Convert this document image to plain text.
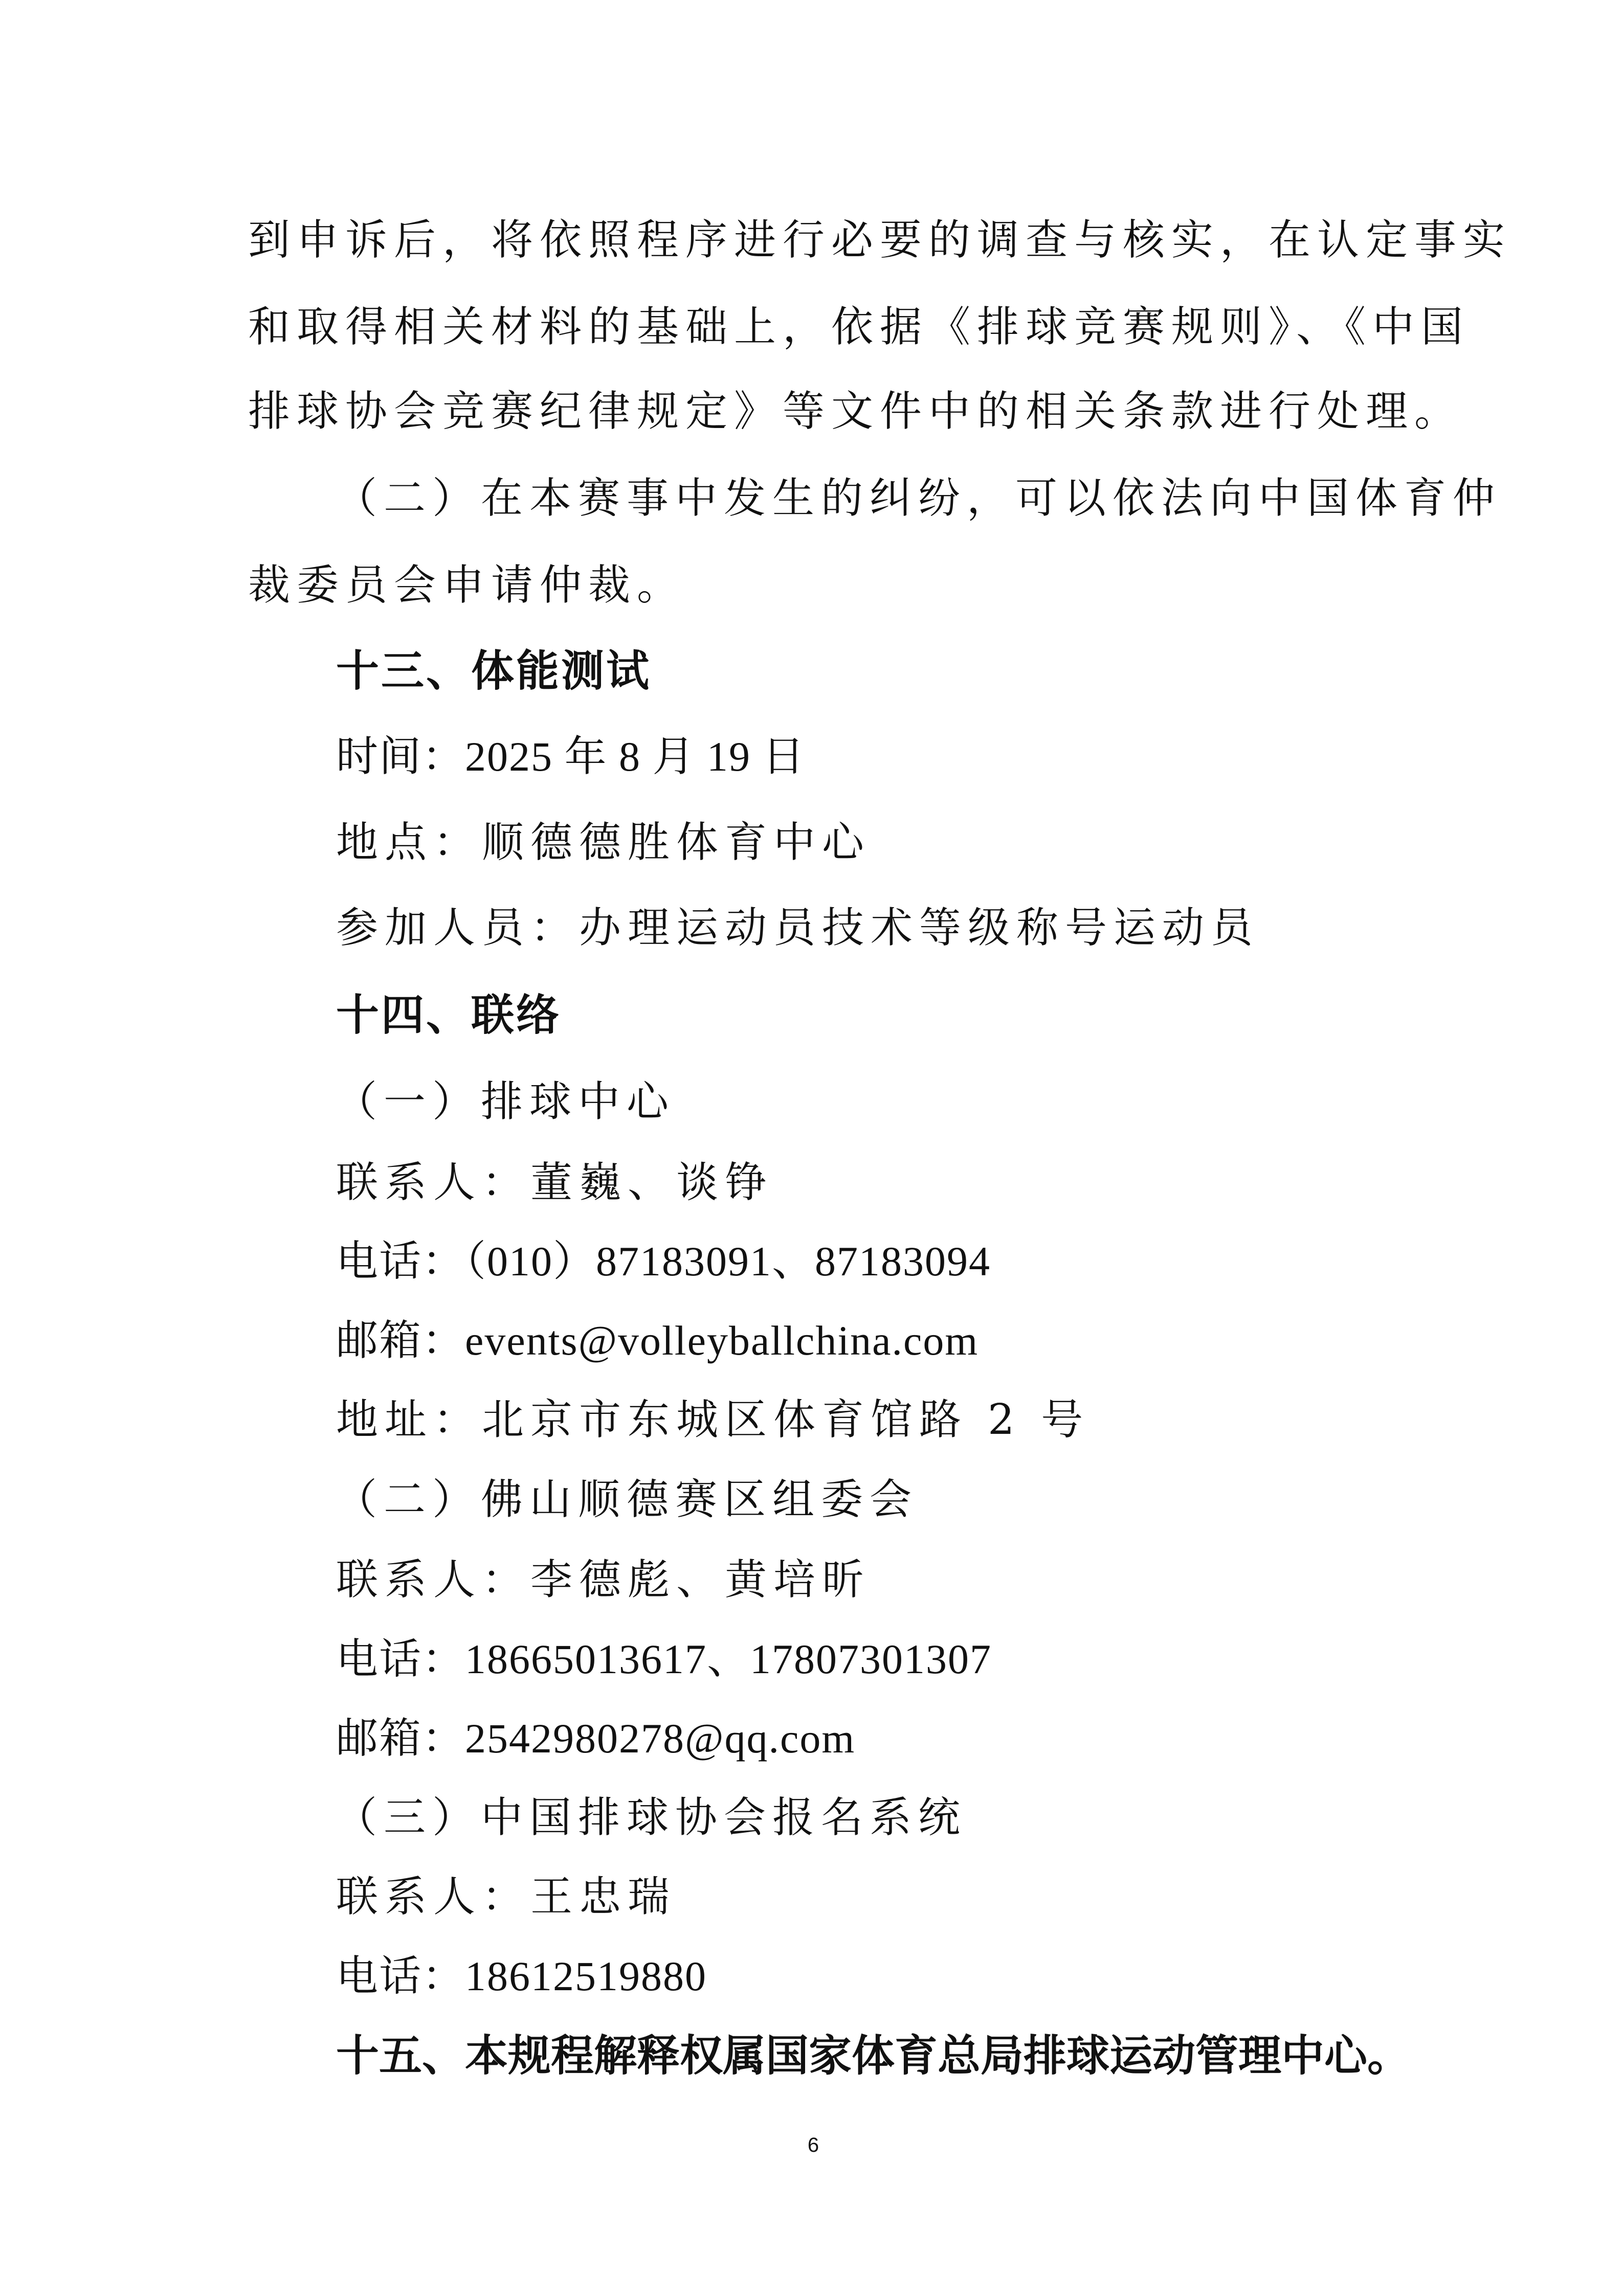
到申诉后，将依照程序进行必要的调查与核实，在认定事实
和取得相关材料的基础上，依据《排球竞赛规则》、《中国
排球协会竞赛纪律规定》等文件中的相关条款进行处理。
（二）在本赛事中发生的纠纷，可以依法向中国体育仲
裁委员会申请仲裁。
十三、体能测试
时间：2025 年 8 月 19 日
地点：顺德德胜体育中心
参加人员：办理运动员技术等级称号运动员
十四、联络
（一）排球中心
联系人：董巍、谈铮
电话：（010）87183091、87183094
邮箱：events@volleyballchina.com
地址：北京市东城区体育馆路 2 号
（二）佛山顺德赛区组委会
联系人：李德彪、黄培昕
电话：18665013617、17807301307
邮箱：2542980278@qq.com
（三）中国排球协会报名系统
联系人：王忠瑞
电话：18612519880
十五、本规程解释权属国家体育总局排球运动管理中心。
6
